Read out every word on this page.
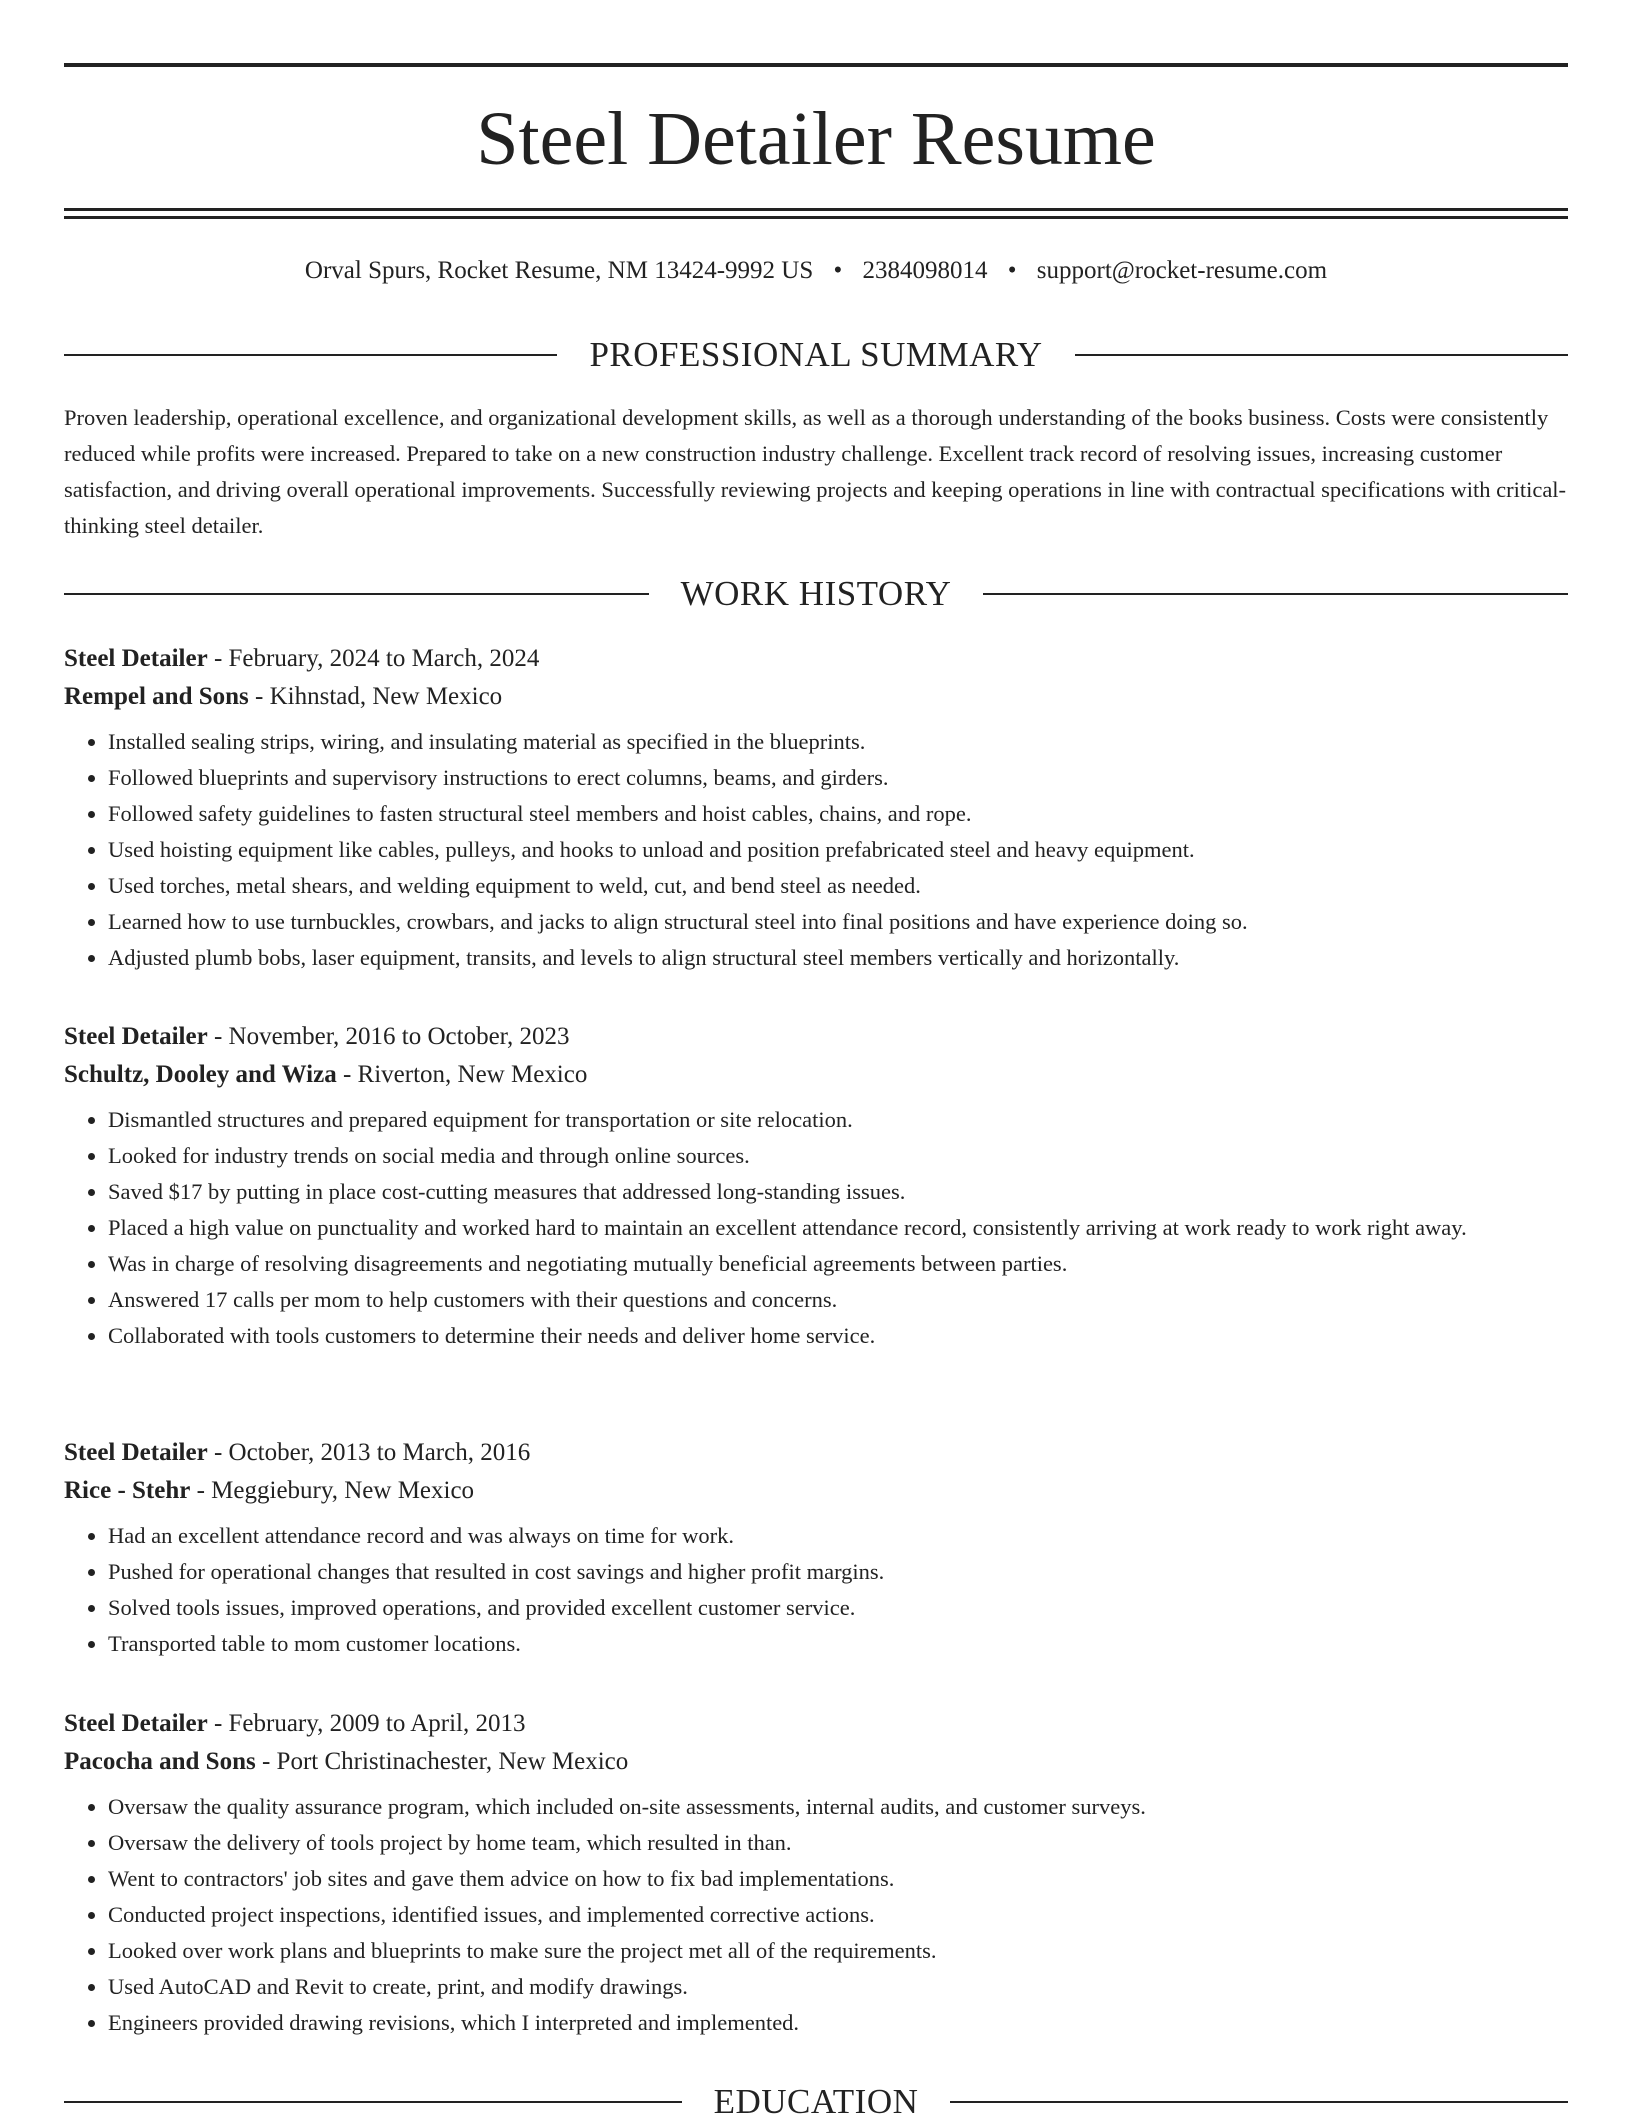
Steel Detailer Resume
Orval Spurs, Rocket Resume, NM 13424-9992 US • 2384098014 • support@rocket-resume.com
PROFESSIONAL SUMMARY

Proven leadership, operational excellence, and organizational development skills, as well as a thorough understanding of the books business. Costs were consistently reduced while profits were increased. Prepared to take on a new construction industry challenge. Excellent track record of resolving issues, increasing customer satisfaction, and driving overall operational improvements. Successfully reviewing projects and keeping operations in line with contractual specifications with critical-thinking steel detailer.

WORK HISTORY
Steel Detailer - February, 2024 to March, 2024
Rempel and Sons - Kihnstad, New Mexico
• Installed sealing strips, wiring, and insulating material as specified in the blueprints.
• Followed blueprints and supervisory instructions to erect columns, beams, and girders.
• Followed safety guidelines to fasten structural steel members and hoist cables, chains, and rope.
• Used hoisting equipment like cables, pulleys, and hooks to unload and position prefabricated steel and heavy equipment.
• Used torches, metal shears, and welding equipment to weld, cut, and bend steel as needed.
• Learned how to use turnbuckles, crowbars, and jacks to align structural steel into final positions and have experience doing so.
• Adjusted plumb bobs, laser equipment, transits, and levels to align structural steel members vertically and horizontally.
Steel Detailer - November, 2016 to October, 2023
Schultz, Dooley and Wiza - Riverton, New Mexico
• Dismantled structures and prepared equipment for transportation or site relocation.
• Looked for industry trends on social media and through online sources.
• Saved $17 by putting in place cost-cutting measures that addressed long-standing issues.
• Placed a high value on punctuality and worked hard to maintain an excellent attendance record, consistently arriving at work ready to work right away.
• Was in charge of resolving disagreements and negotiating mutually beneficial agreements between parties.
• Answered 17 calls per mom to help customers with their questions and concerns.
• Collaborated with tools customers to determine their needs and deliver home service.
Steel Detailer - October, 2013 to March, 2016
Rice - Stehr - Meggiebury, New Mexico
• Had an excellent attendance record and was always on time for work.
• Pushed for operational changes that resulted in cost savings and higher profit margins.
• Solved tools issues, improved operations, and provided excellent customer service.
• Transported table to mom customer locations.
Steel Detailer - February, 2009 to April, 2013
Pacocha and Sons - Port Christinachester, New Mexico
• Oversaw the quality assurance program, which included on-site assessments, internal audits, and customer surveys.
• Oversaw the delivery of tools project by home team, which resulted in than.
• Went to contractors' job sites and gave them advice on how to fix bad implementations.
• Conducted project inspections, identified issues, and implemented corrective actions.
• Looked over work plans and blueprints to make sure the project met all of the requirements.
• Used AutoCAD and Revit to create, print, and modify drawings.
• Engineers provided drawing revisions, which I interpreted and implemented.
EDUCATION
